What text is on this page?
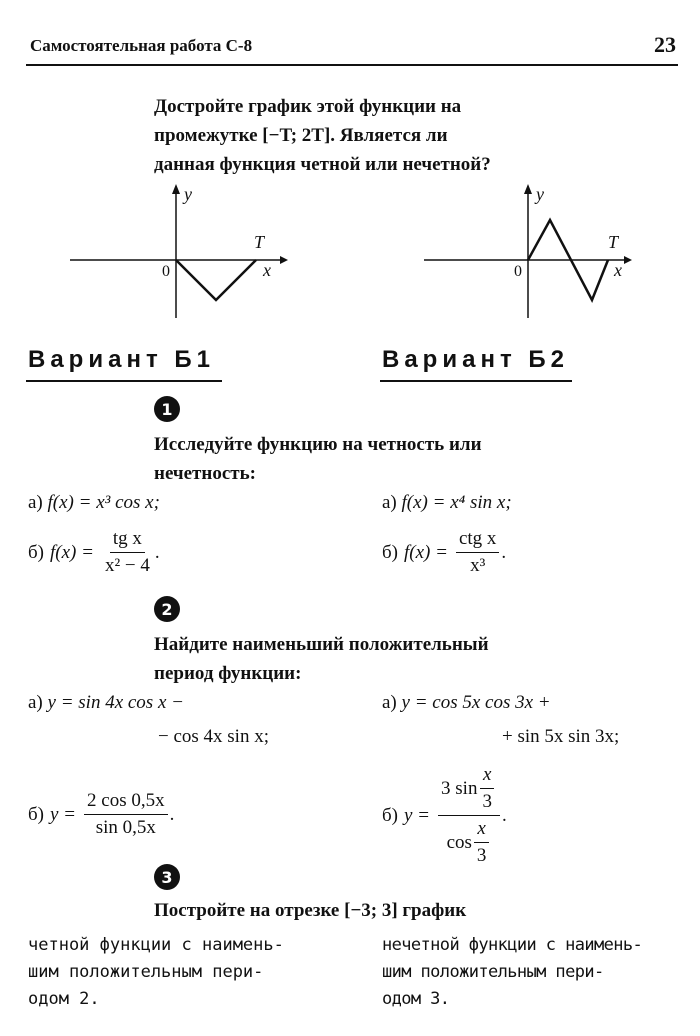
Самостоятельная работа С-8	23
Достройте график этой функции на
промежутке [−T; 2T]. Является ли
данная функция четной или нечетной?
y
x
T
0
y
x
T
0
Вариант Б1	Вариант Б2
1
Исследуйте функцию на четность или
нечетность:
а) f(x) = x³ cos x;	а) f(x) = x⁴ sin x;
б) $f(x) = \frac{\text{tg x}}{\text{x² − 4}}$ .	б) $f(x) = \frac{\text{ctg x}}{\text{x³}}$ .
2
Найдите наименьший положительный
период функции:
а) y = sin 4x cos x −
− cos 4x sin x;
а) y = cos 5x cos 3x +
+ sin 5x sin 3x;
б) $y = \frac{2 \cos 0,5x}{\sin 0,5x}$ .	б) $y = \frac{3 \sin \frac{x}{3}}{\cos \frac{x}{3}}$ .
3
Постройте на отрезке [−3; 3] график
четной функции с наимень-
шим положительным пери-
одом 2.
нечетной функции с наимень-
шим положительным пери-
одом 3.
